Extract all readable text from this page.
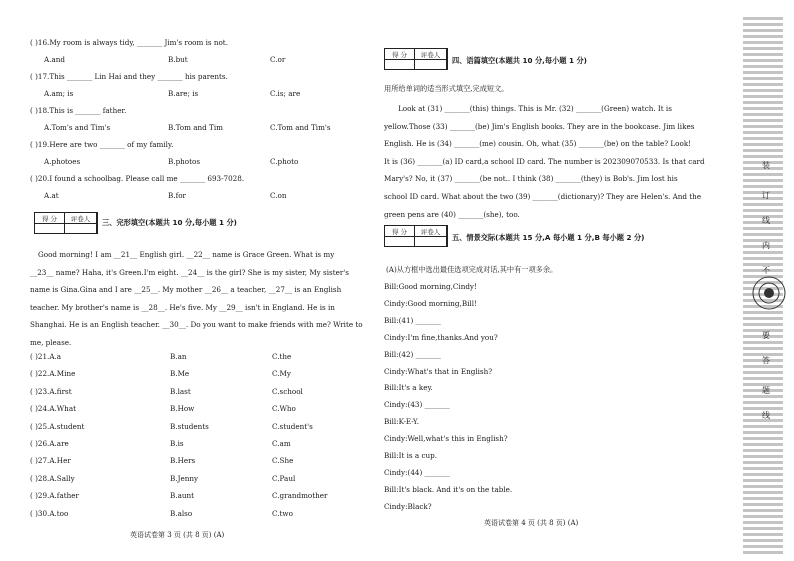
( )16.My room is always tidy, _______ Jim's room is not.
A.and	B.but	C.or
( )17.This _______ Lin Hai and they _______ his parents.
A.am; is	B.are; is	C.is; are
( )18.This is _______ father.
A.Tom's and Tim's	B.Tom and Tim	C.Tom and Tim's
( )19.Here are two _______ of my family.
A.photoes	B.photos	C.photo
( )20.I found a schoolbag. Please call me _______ 693-7028.
A.at	B.for	C.on
得 分	评卷人	三、完形填空(本题共 10 分,每小题 1 分)
Good morning! I am __21__ English girl. __22__ name is Grace Green. What is my
__23__ name? Haha, it's Green.I'm eight. __24__ is the girl? She is my sister, My sister's
name is Gina.Gina and I are __25__. My mother __26__ a teacher, __27__ is an English
teacher. My brother's name is __28__. He's five. My __29__ isn't in England. He is in
Shanghai. He is an English teacher. __30__. Do you want to make friends with me? Write to
me, please.
( )21.A.a	B.an	C.the
( )22.A.Mine	B.Me	C.My
( )23.A.first	B.last	C.school
( )24.A.What	B.How	C.Who
( )25.A.student	B.students	C.student's
( )26.A.are	B.is	C.am
( )27.A.Her	B.Hers	C.She
( )28.A.Sally	B.Jenny	C.Paul
( )29.A.father	B.aunt	C.grandmother
( )30.A.too	B.also	C.two
英语试卷第 3 页 (共 8 页) (A)
得 分	评卷人
四、语篇填空(本题共 10 分,每小题 1 分)
用所给单词的适当形式填空,完成短文。
Look at (31) _______(this) things. This is Mr. (32) _______(Green) watch. It is
yellow.Those (33) _______(be) Jim's English books. They are in the bookcase. Jim likes
English. He is (34) _______(me) cousin. Oh, what (35) _______(be) on the table? Look!
It is (36) _______(a) ID card,a school ID card. The number is 202309070533. Is that card
Mary's? No, it (37) _______(be not.. I think (38) _______(they) is Bob's. Jim lost his
school ID card. What about the two (39) _______(dictionary)? They are Helen's. And the
green pens are (40) _______(she), too.
得 分	评卷人
五、情景交际(本题共 15 分,A 每小题 1 分,B 每小题 2 分)
(A)从方框中选出最佳选项完成对话,其中有一项多余。
Bill:Good morning,Cindy!
Cindy:Good morning,Bill!
Bill:(41) _______
Cindy:I'm fine,thanks.And you?
Bill:(42) _______
Cindy:What's that in English?
Bill:It's a key.
Cindy:(43) _______
Bill:K-E-Y.
Cindy:Well,what's this in English?
Bill:It is a cup.
Cindy:(44) _______
Bill:It's black. And it's on the table.
Cindy:Black?
英语试卷第 4 页 (共 8 页) (A)
装
订
线
内
不
要
答
题
线
